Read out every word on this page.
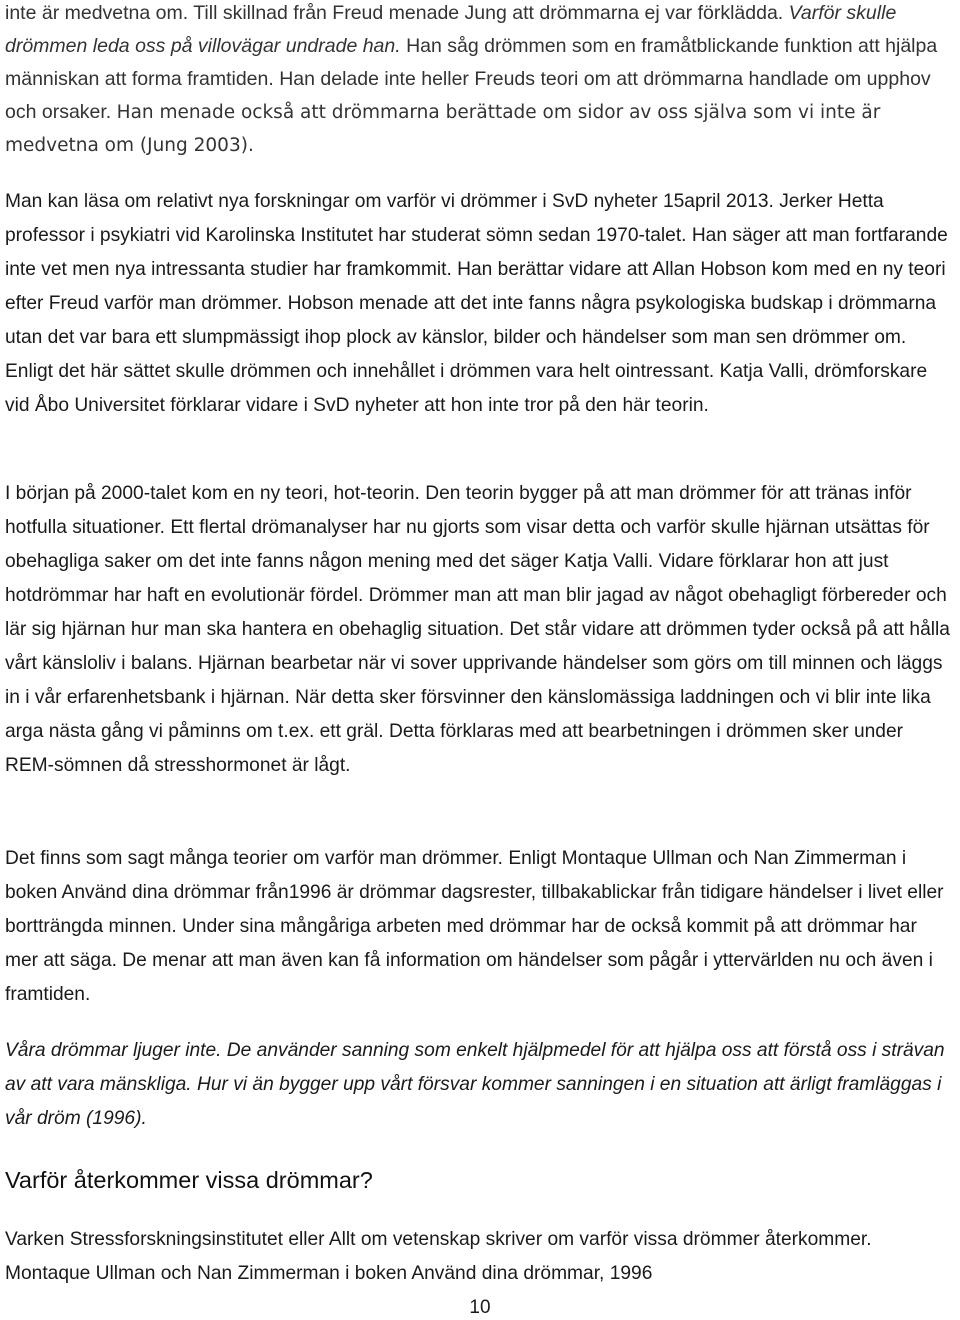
inte är medvetna om. Till skillnad från Freud menade Jung att drömmarna ej var förklädda. Varför skulle drömmen leda oss på villovägar undrade han. Han såg drömmen som en framåtblickande funktion att hjälpa människan att forma framtiden. Han delade inte heller Freuds teori om att drömmarna handlade om upphov och orsaker. Han menade också att drömmarna berättade om sidor av oss själva som vi inte är medvetna om (Jung 2003).

Man kan läsa om relativt nya forskningar om varför vi drömmer i SvD nyheter 15april 2013. Jerker Hetta professor i psykiatri vid Karolinska Institutet har studerat sömn sedan 1970-talet. Han säger att man fortfarande inte vet men nya intressanta studier har framkommit. Han berättar vidare att Allan Hobson kom med en ny teori efter Freud varför man drömmer. Hobson menade att det inte fanns några psykologiska budskap i drömmarna utan det var bara ett slumpmässigt ihop plock av känslor, bilder och händelser som man sen drömmer om. Enligt det här sättet skulle drömmen och innehållet i drömmen vara helt ointressant. Katja Valli, drömforskare vid Åbo Universitet förklarar vidare i SvD nyheter att hon inte tror på den här teorin.

I början på 2000-talet kom en ny teori, hot-teorin. Den teorin bygger på att man drömmer för att tränas inför hotfulla situationer. Ett flertal drömanalyser har nu gjorts som visar detta och varför skulle hjärnan utsättas för obehagliga saker om det inte fanns någon mening med det säger Katja Valli. Vidare förklarar hon att just hotdrömmar har haft en evolutionär fördel. Drömmer man att man blir jagad av något obehagligt förbereder och lär sig hjärnan hur man ska hantera en obehaglig situation. Det står vidare att drömmen tyder också på att hålla vårt känsloliv i balans. Hjärnan bearbetar när vi sover upprivande händelser som görs om till minnen och läggs in i vår erfarenhetsbank i hjärnan. När detta sker försvinner den känslomässiga laddningen och vi blir inte lika arga nästa gång vi påminns om t.ex. ett gräl. Detta förklaras med att bearbetningen i drömmen sker under REM-sömnen då stresshormonet är lågt.

Det finns som sagt många teorier om varför man drömmer. Enligt Montaque Ullman och Nan Zimmerman i boken Använd dina drömmar från1996 är drömmar dagsrester, tillbakablickar från tidigare händelser i livet eller bortträngda minnen. Under sina mångåriga arbeten med drömmar har de också kommit på att drömmar har mer att säga. De menar att man även kan få information om händelser som pågår i yttervärlden nu och även i framtiden.

Våra drömmar ljuger inte. De använder sanning som enkelt hjälpmedel för att hjälpa oss att förstå oss i strävan av att vara mänskliga. Hur vi än bygger upp vårt försvar kommer sanningen i en situation att ärligt framläggas i vår dröm (1996).

Varför återkommer vissa drömmar?

Varken Stressforskningsinstitutet eller Allt om vetenskap skriver om varför vissa drömmer återkommer. Montaque Ullman och Nan Zimmerman i boken Använd dina drömmar, 1996

10
